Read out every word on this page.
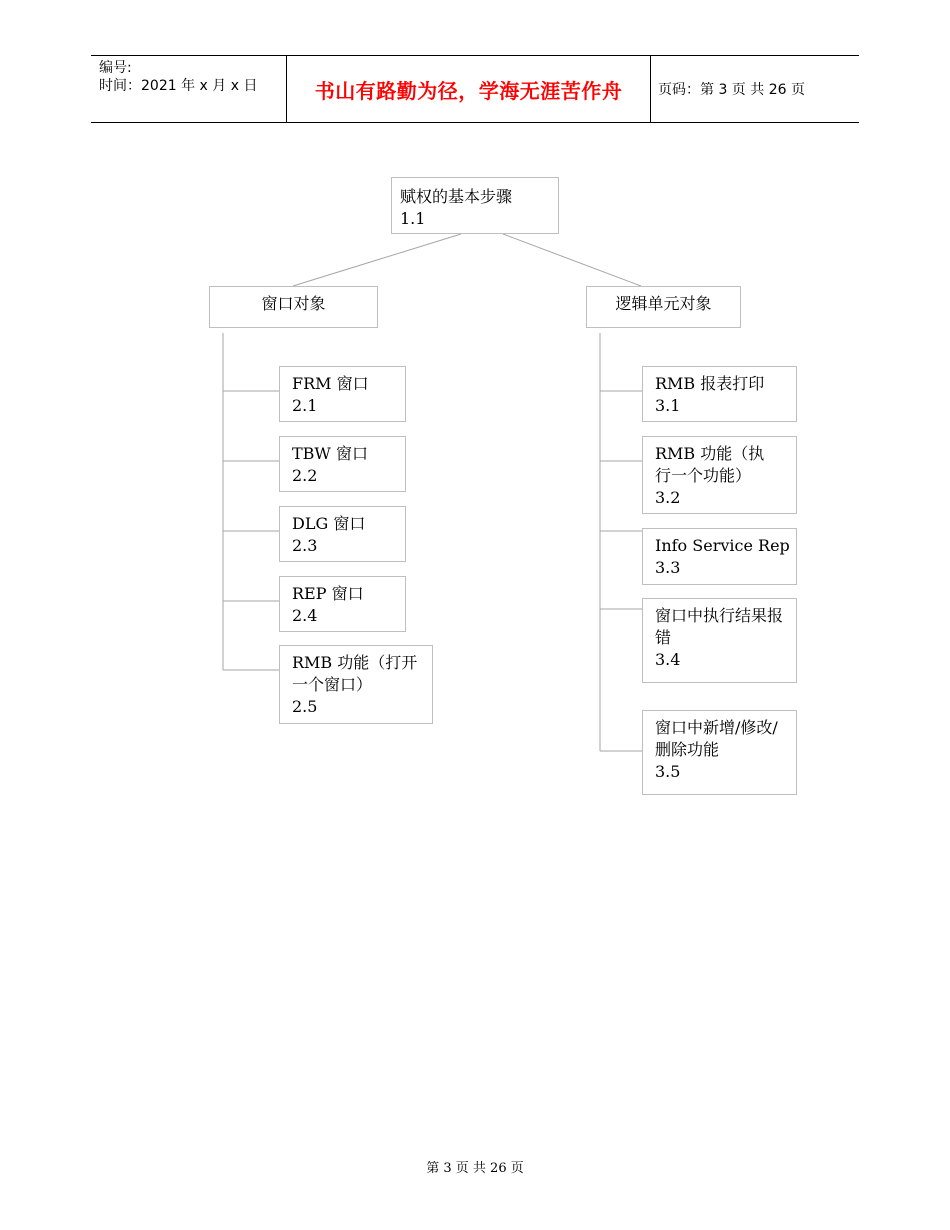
编号:
时间：2021 年 x 月 x 日	书山有路勤为径，学海无涯苦作舟	页码：第 3 页 共 26 页
赋权的基本步骤
1.1
窗口对象	逻辑单元对象
FRM 窗口
2.1
TBW 窗口
2.2
DLG 窗口
2.3
REP 窗口
2.4
RMB 功能（打开一个窗口）
2.5
RMB 报表打印
3.1
RMB 功能（执行一个功能）
3.2
Info Service Rep
3.3
窗口中执行结果报错
3.4
窗口中新增/修改/删除功能
3.5
第 3 页 共 26 页
